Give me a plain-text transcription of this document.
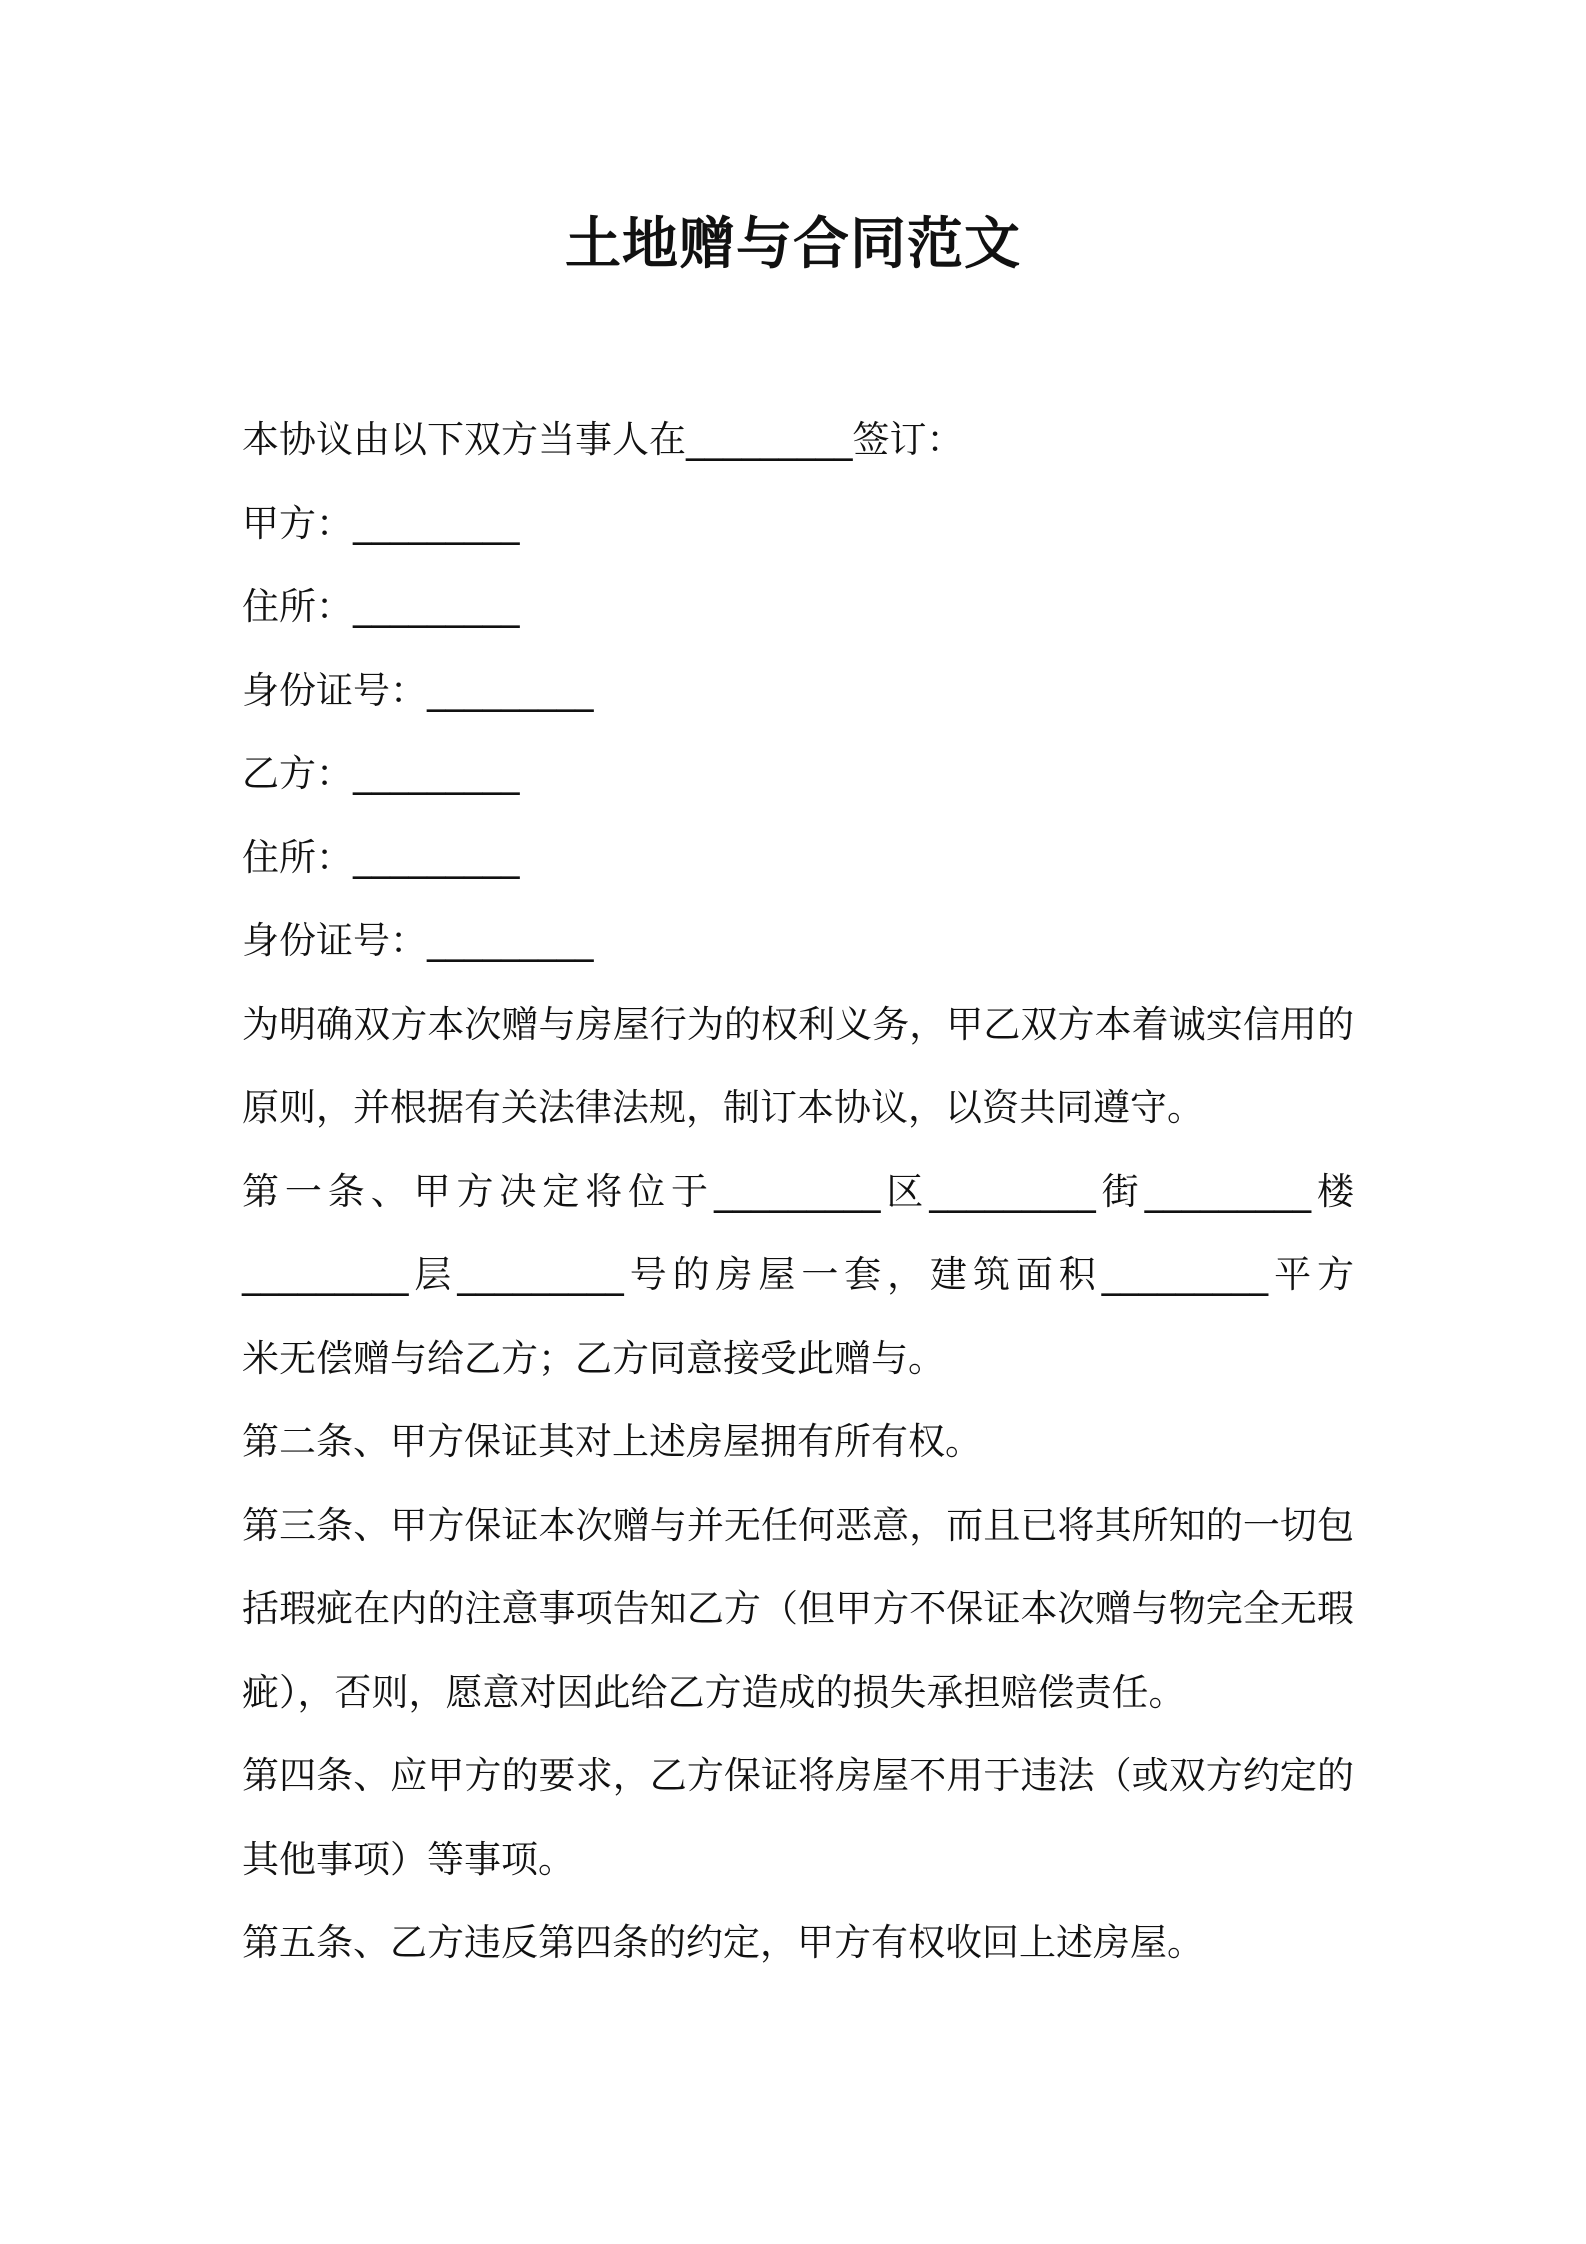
土地赠与合同范文
本协议由以下双方当事人在_________签订：
甲方：_________
住所：_________
身份证号：_________
乙方：_________
住所：_________
身份证号：_________
为明确双方本次赠与房屋行为的权利义务，甲乙双方本着诚实信用的
原则，并根据有关法律法规，制订本协议，以资共同遵守。
第一条、甲方决定将位于_________区_________街_________楼
_________层_________号的房屋一套，建筑面积_________平方
米无偿赠与给乙方；乙方同意接受此赠与。
第二条、甲方保证其对上述房屋拥有所有权。
第三条、甲方保证本次赠与并无任何恶意，而且已将其所知的一切包
括瑕疵在内的注意事项告知乙方（但甲方不保证本次赠与物完全无瑕
疵），否则，愿意对因此给乙方造成的损失承担赔偿责任。
第四条、应甲方的要求，乙方保证将房屋不用于违法（或双方约定的
其他事项）等事项。
第五条、乙方违反第四条的约定，甲方有权收回上述房屋。
